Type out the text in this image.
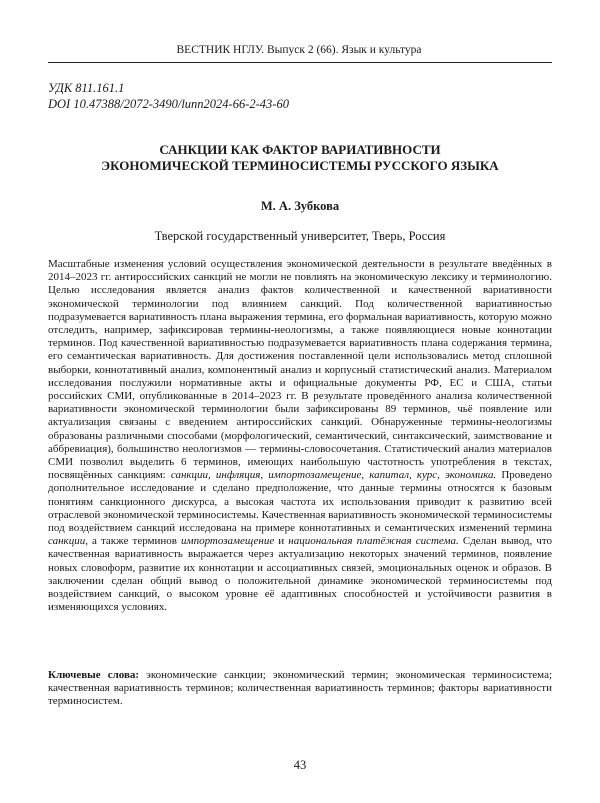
ВЕСТНИК НГЛУ. Выпуск 2 (66). Язык и культура
УДК 811.161.1
DOI 10.47388/2072-3490/lunn2024-66-2-43-60
САНКЦИИ КАК ФАКТОР ВАРИАТИВНОСТИ
ЭКОНОМИЧЕСКОЙ ТЕРМИНОСИСТЕМЫ РУССКОГО ЯЗЫКА
М. А. Зубкова
Тверской государственный университет, Тверь, Россия

Масштабные изменения условий осуществления экономической деятельности в результате введённых в 2014–2023 гг. антироссийских санкций не могли не повлиять на экономическую лексику и терминологию. Целью исследования является анализ фактов количественной и качественной вариативности экономической терминологии под влиянием санкций. Под количественной вариативностью подразумевается вариативность плана выражения термина, его формальная вариативность, которую можно отследить, например, зафиксировав термины-неологизмы, а также появляющиеся новые коннотации терминов. Под качественной вариативностью подразумевается вариативность плана содержания термина, его семантическая вариативность. Для достижения поставленной цели использовались метод сплошной выборки, коннотативный анализ, компонентный анализ и корпусный статистический анализ. Материалом исследования послужили нормативные акты и официальные документы РФ, ЕС и США, статьи российских СМИ, опубликованные в 2014–2023 гг. В результате проведённого анализа количественной вариативности экономической терминологии были зафиксированы 89 терминов, чьё появление или актуализация связаны с введением антироссийских санкций. Обнаруженные термины-неологизмы образованы различными способами (морфологический, семантический, синтаксический, заимствование и аббревиация), большинство неологизмов — термины-словосочетания. Статистический анализ материалов СМИ позволил выделить 6 терминов, имеющих наибольшую частотность употребления в текстах, посвящённых санкциям: санкции, инфляция, импортозамещение, капитал, курс, экономика. Проведено дополнительное исследование и сделано предположение, что данные термины относятся к базовым понятиям санкционного дискурса, а высокая частота их использования приводит к развитию всей отраслевой экономической терминосистемы. Качественная вариативность экономической терминосистемы под воздействием санкций исследована на примере коннотативных и семантических изменений термина санкции, а также терминов импортозамещение и национальная платёжная система. Сделан вывод, что качественная вариативность выражается через актуализацию некоторых значений терминов, появление новых словоформ, развитие их коннотации и ассоциативных связей, эмоциональных оценок и образов. В заключении сделан общий вывод о положительной динамике экономической терминосистемы под воздействием санкций, о высоком уровне её адаптивных способностей и устойчивости развития в изменяющихся условиях.

Ключевые слова: экономические санкции; экономический термин; экономическая терминосистема; качественная вариативность терминов; количественная вариативность терминов; факторы вариативности терминосистем.

43
